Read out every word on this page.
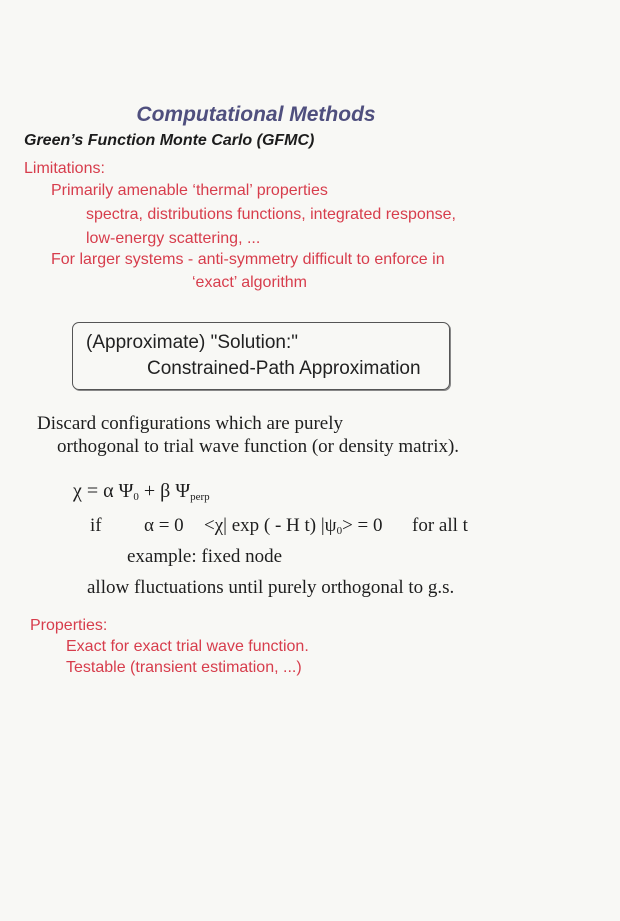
Computational Methods
Green’s Function Monte Carlo (GFMC)
Limitations:
Primarily amenable ‘thermal’ properties
spectra, distributions functions, integrated response,
low-energy scattering, ...
For larger systems - anti-symmetry difficult to enforce in
‘exact’ algorithm
(Approximate) "Solution:"
Constrained-Path Approximation
Discard configurations which are purely
orthogonal to trial wave function (or density matrix).
χ = α $\Psi_0 + \beta$ $\Psi_{perp}$
if α = 0 <χ| exp ( - H t) $|\psi_0> = 0$ for all t
example: fixed node
allow fluctuations until purely orthogonal to g.s.
Properties:
Exact for exact trial wave function.
Testable (transient estimation, ...)
